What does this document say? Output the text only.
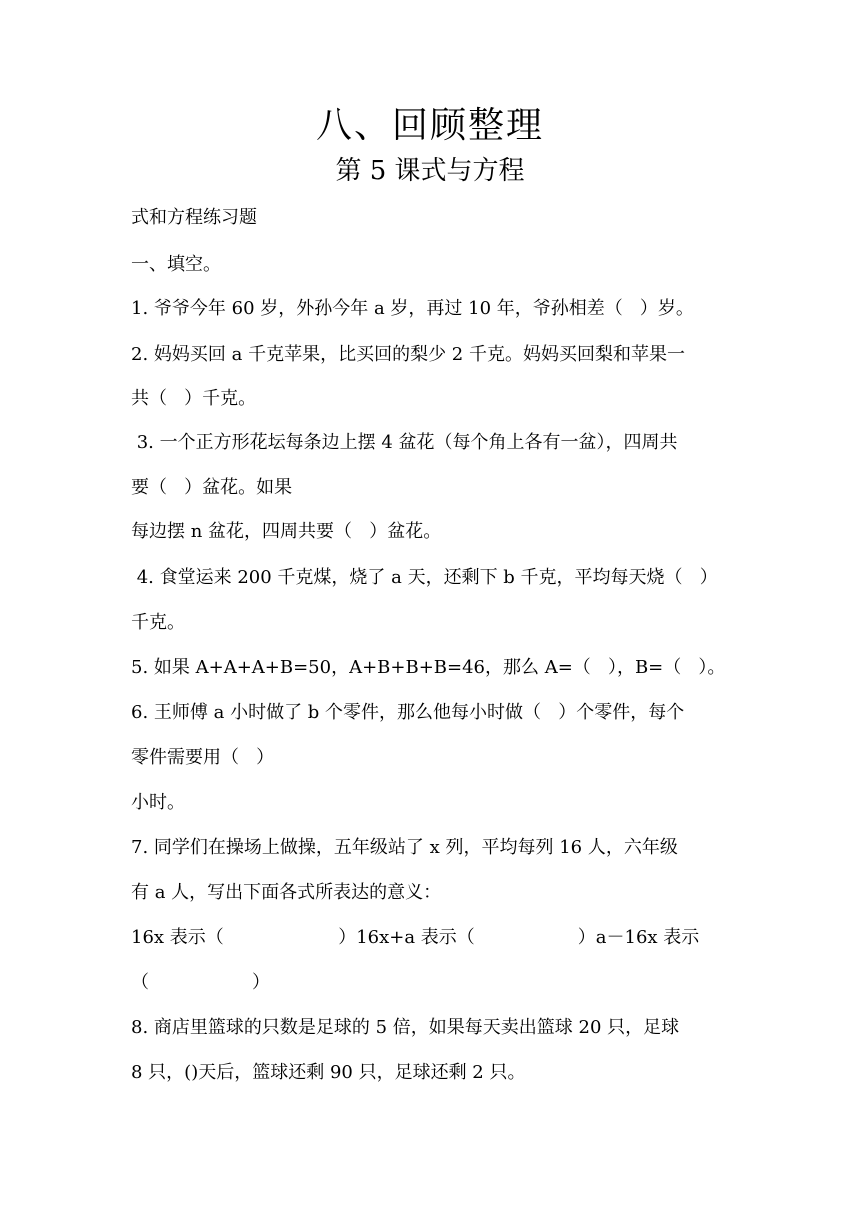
八、回顾整理
第 5 课式与方程
式和方程练习题
一、填空。
1. 爷爷今年 60 岁，外孙今年 a 岁，再过 10 年，爷孙相差（   ）岁。
2. 妈妈买回 a 千克苹果，比买回的梨少 2 千克。妈妈买回梨和苹果一
共（   ）千克。
3. 一个正方形花坛每条边上摆 4 盆花（每个角上各有一盆），四周共
要（   ）盆花。如果
每边摆 n 盆花，四周共要（   ）盆花。
4. 食堂运来 200 千克煤，烧了 a 天，还剩下 b 千克，平均每天烧（   ）
千克。
5. 如果 A+A+A+B=50，A+B+B+B=46，那么 A=（   ），B=（   ）。
6. 王师傅 a 小时做了 b 个零件，那么他每小时做（   ）个零件，每个
零件需要用（   ）
小时。
7. 同学们在操场上做操，五年级站了 x 列，平均每列 16 人，六年级
有 a 人，写出下面各式所表达的意义：
16x 表示（                    ）16x+a 表示（                  ）a－16x 表示
（                  ）
8. 商店里篮球的只数是足球的 5 倍，如果每天卖出篮球 20 只，足球
8 只，()天后，篮球还剩 90 只，足球还剩 2 只。
